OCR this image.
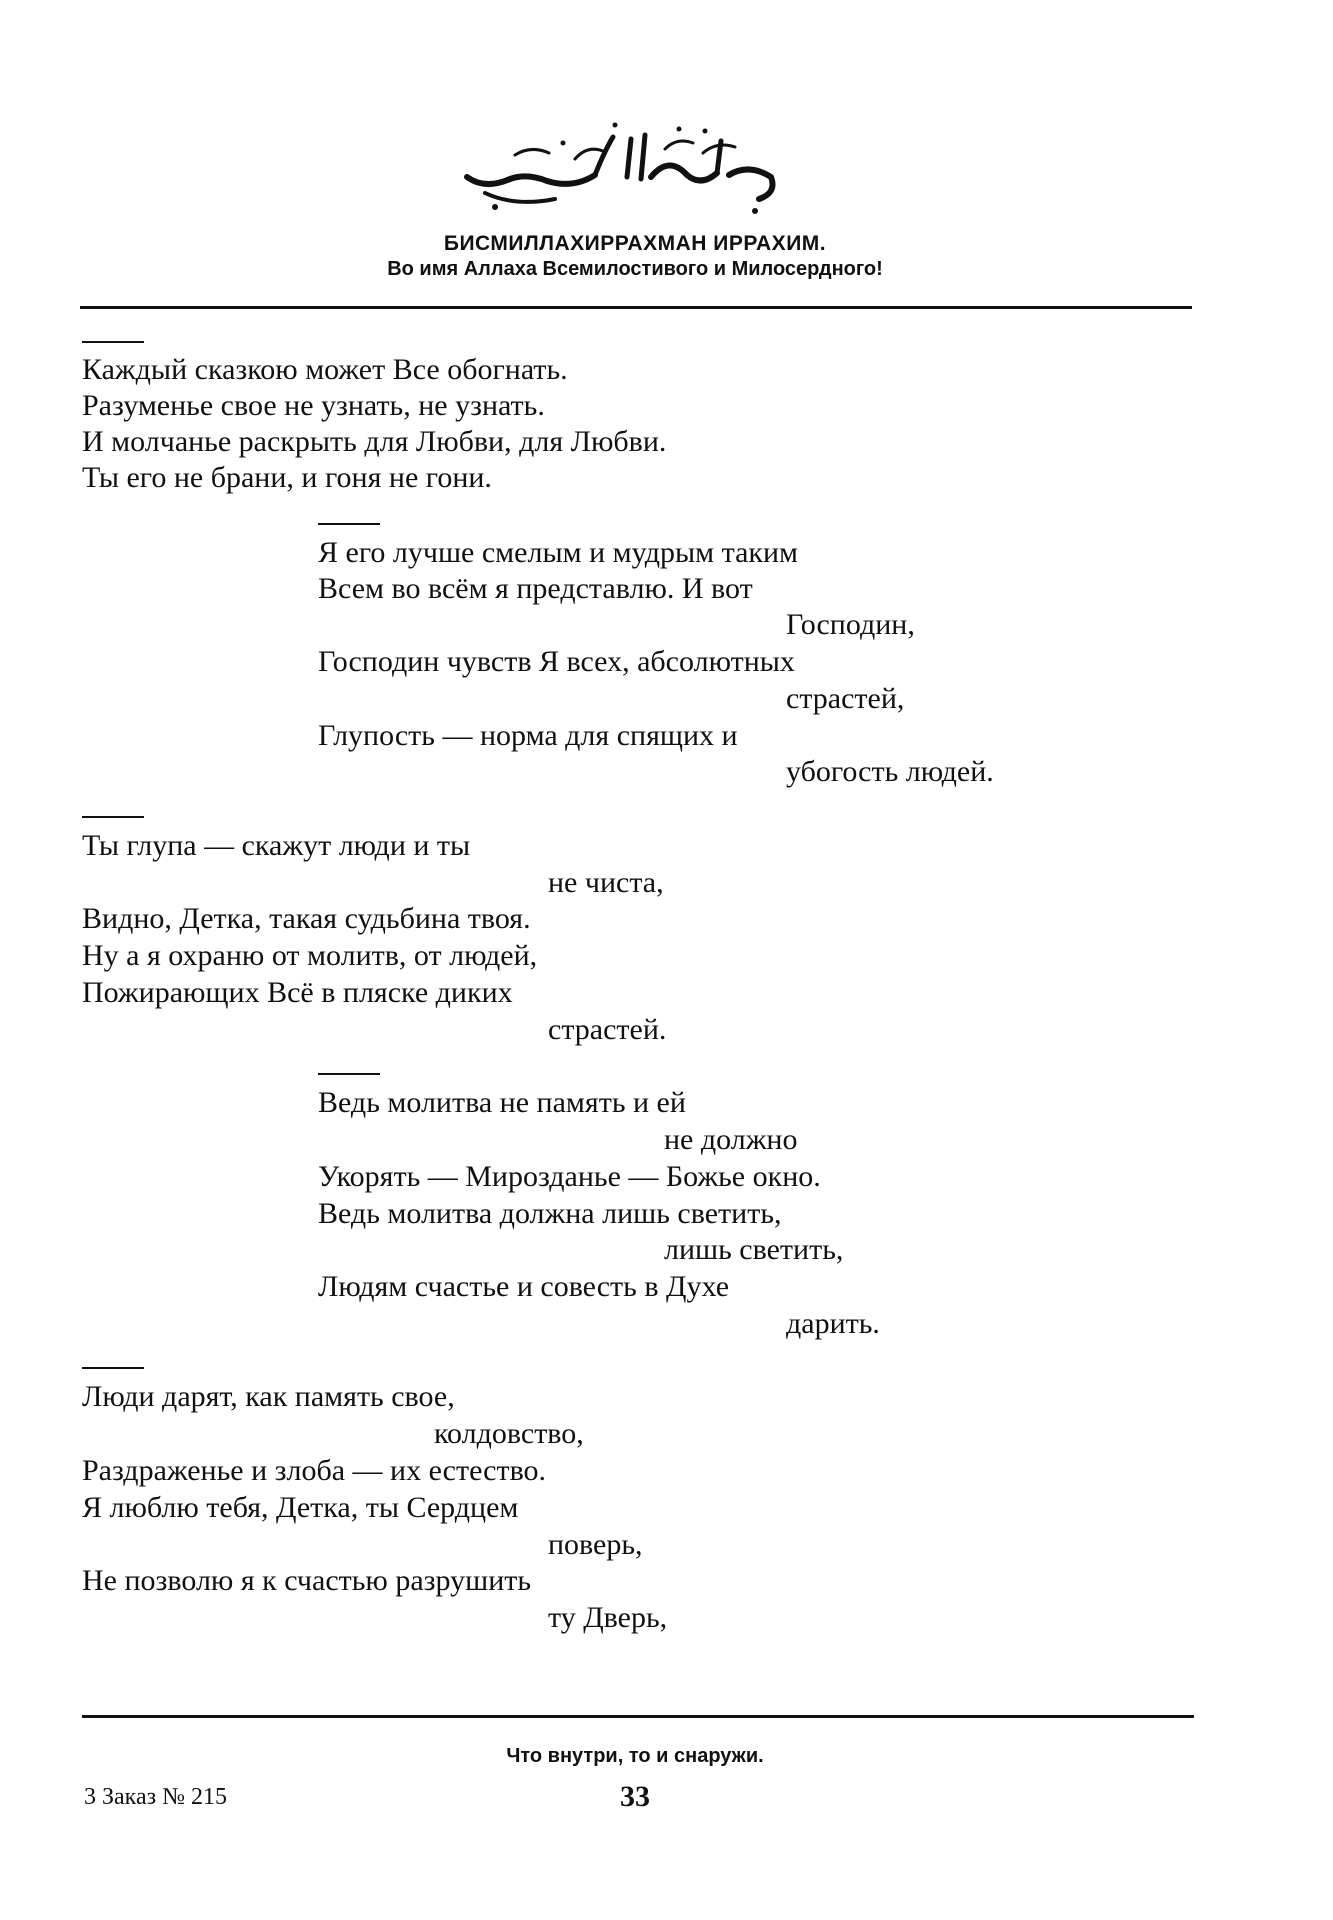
БИСМИЛЛАХИРРАХМАН ИРРАХИМ.
Во имя Аллаха Всемилостивого и Милосердного!
Каждый сказкою может Все обогнать.
Разуменье свое не узнать, не узнать.
И молчанье раскрыть для Любви, для Любви.
Ты его не брани, и гоня не гони.
Я его лучше смелым и мудрым таким
Всем во всём я представлю. И вот
Господин,
Господин чувств Я всех, абсолютных
страстей,
Глупость — норма для спящих и
убогость людей.
Ты глупа — скажут люди и ты
не чиста,
Видно, Детка, такая судьбина твоя.
Ну а я охраню от молитв, от людей,
Пожирающих Всё в пляске диких
страстей.
Ведь молитва не память и ей
не должно
Укорять — Мирозданье — Божье окно.
Ведь молитва должна лишь светить,
лишь светить,
Людям счастье и совесть в Духе
дарить.
Люди дарят, как память свое,
колдовство,
Раздраженье и злоба — их естество.
Я люблю тебя, Детка, ты Сердцем
поверь,
Не позволю я к счастью разрушить
ту Дверь,
Что внутри, то и снаружи.
3 Заказ № 215	33
